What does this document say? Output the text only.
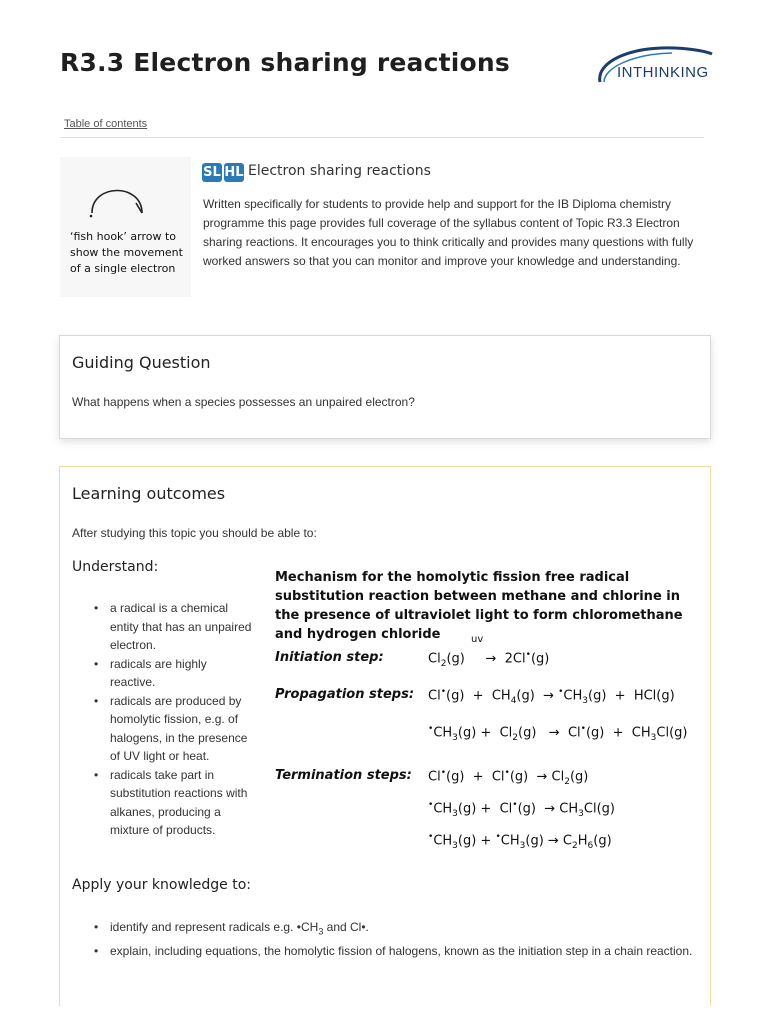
R3.3 Electron sharing reactions	INTHINKING
Table of contents
‘fish hook’ arrow to show the movement of a single electron
SL HL Electron sharing reactions
Written specifically for students to provide help and support for the IB Diploma chemistry programme this page provides full coverage of the syllabus content of Topic R3.3 Electron sharing reactions. It encourages you to think critically and provides many questions with fully worked answers so that you can monitor and improve your knowledge and understanding.
Guiding Question
What happens when a species possesses an unpaired electron?
Learning outcomes
After studying this topic you should be able to:
Understand:
• a radical is a chemical entity that has an unpaired electron.
• radicals are highly reactive.
• radicals are produced by homolytic fission, e.g. of halogens, in the presence of UV light or heat.
• radicals take part in substitution reactions with alkanes, producing a mixture of products.
Mechanism for the homolytic fission free radical substitution reaction between methane and chlorine in the presence of ultraviolet light to form chloromethane and hydrogen chloride
Initiation step:
uv
$Cl_2(g)$     →  2Cl•(g)
Propagation steps: $Cl^•(g) + CH_4(g) \to ^•CH_3(g) + HCl(g)$
$^•CH_3(g) + Cl_2(g) \to Cl^•(g) + CH_3Cl(g)$
Termination steps: $Cl^•(g) + Cl^•(g) \to Cl_2(g)$
$^•CH_3(g) + Cl^•(g) \to CH_3Cl(g)$
$^•CH_3(g) + ^•CH_3(g) \to C_2H_6(g)$
Apply your knowledge to:
• identify and represent radicals e.g. $•CH_3$ and Cl•.
• explain, including equations, the homolytic fission of halogens, known as the initiation step in a chain reaction.
